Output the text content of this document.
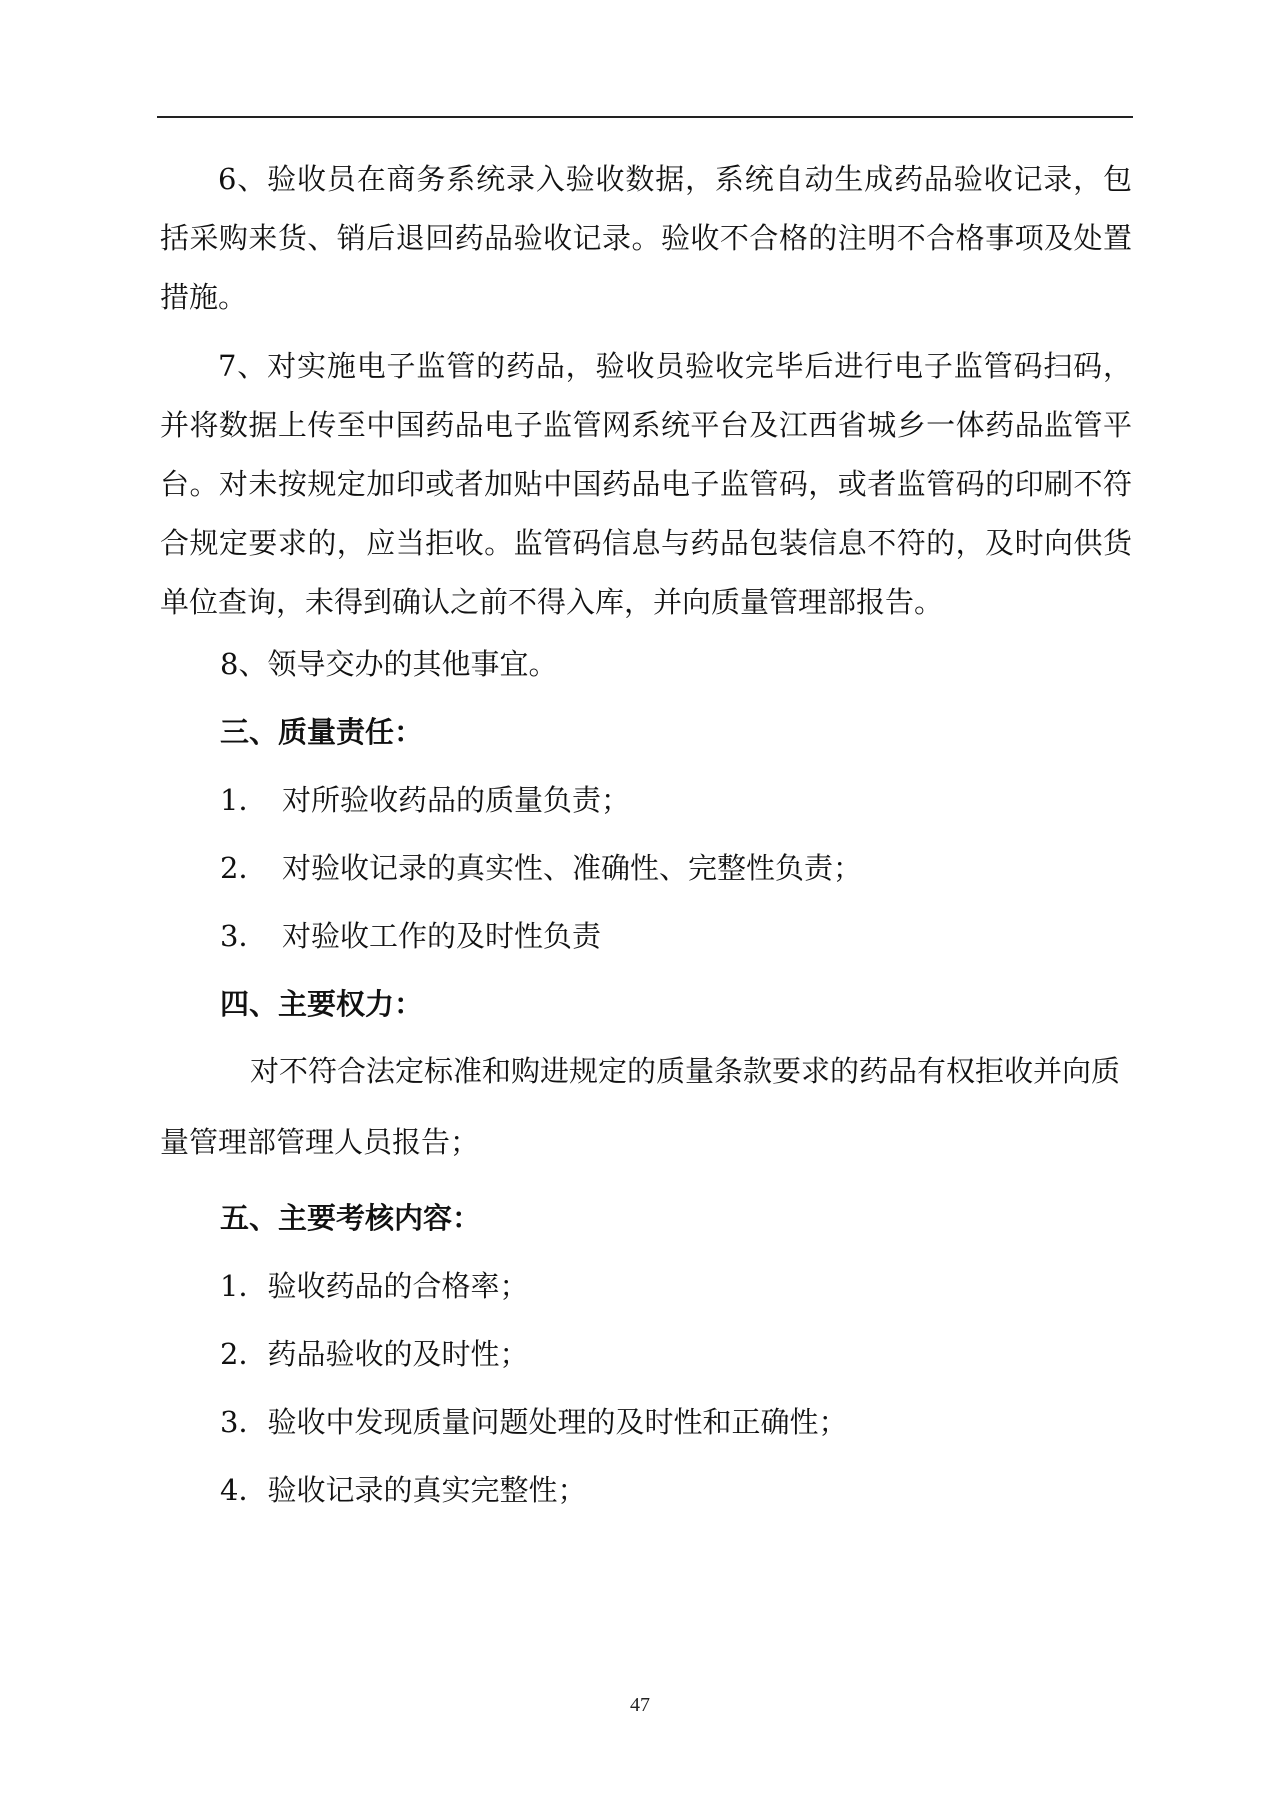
6、验收员在商务系统录入验收数据，系统自动生成药品验收记录，包括采购来货、销后退回药品验收记录。验收不合格的注明不合格事项及处置措施。

7、对实施电子监管的药品，验收员验收完毕后进行电子监管码扫码，并将数据上传至中国药品电子监管网系统平台及江西省城乡一体药品监管平台。对未按规定加印或者加贴中国药品电子监管码，或者监管码的印刷不符合规定要求的，应当拒收。监管码信息与药品包装信息不符的，及时向供货单位查询，未得到确认之前不得入库，并向质量管理部报告。

8、领导交办的其他事宜。
三、质量责任：
1． 对所验收药品的质量负责；
2． 对验收记录的真实性、准确性、完整性负责；
3． 对验收工作的及时性负责
四、主要权力：

对不符合法定标准和购进规定的质量条款要求的药品有权拒收并向质量管理部管理人员报告；

五、主要考核内容：
1．验收药品的合格率；
2．药品验收的及时性；
3．验收中发现质量问题处理的及时性和正确性；
4．验收记录的真实完整性；
47
